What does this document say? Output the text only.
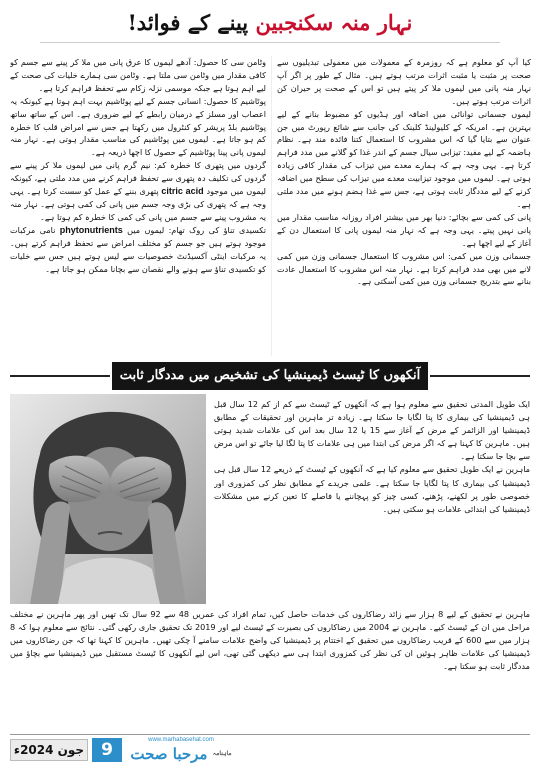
نہار منہ سکنجبین پینے کے فوائد!

کیا آپ کو معلوم ہے کہ روزمرہ کے معمولات میں معمولی تبدیلیوں سے صحت پر مثبت یا مثبت اثرات مرتب ہوتے ہیں۔ مثال کے طور پر اگر آپ نہار منہ پانی میں لیموں ملا کر پیتے ہیں تو اس کے صحت پر حیران کن اثرات مرتب ہوتے ہیں۔

لیموں جسمانی توانائی میں اضافہ اور ہڈیوں کو مضبوط بنانے کے لیے بہترین ہے۔ امریکہ کے کلیولینڈ کلینک کی جانب سے شائع رپورٹ میں جن عنوان سے بتایا گیا کہ اس مشروب کا استعمال کتنا فائدہ مند ہے۔ نظام ہاضمہ کے لیے مفید: تیزابی سیال جسم کے اندر غذا کو گلانے میں مدد فراہم کرتا ہے۔ یہی وجہ ہے کہ ہمارے معدے میں تیزاب کی مقدار کافی زیادہ ہوتی ہے۔ لیموں میں موجود تیزابیت معدے میں تیزاب کی سطح میں اضافہ کرنے کے لیے مددگار ثابت ہوتی ہے، جس سے غذا ہضم ہونے میں مدد ملتی ہے۔

پانی کی کمی سے بچائے: دنیا بھر میں بیشتر افراد روزانہ مناسب مقدار میں پانی نہیں پیتے۔ یہی وجہ ہے کہ نہار منہ لیموں پانی کا استعمال دن کے آغاز کے لیے اچھا ہے۔

جسمانی وزن میں کمی: اس مشروب کا استعمال جسمانی وزن میں کمی لانے میں بھی مدد فراہم کرتا ہے۔ نہار منہ اس مشروب کا استعمال عادت بنانے سے بتدریج جسمانی وزن میں کمی آسکتی ہے۔

وٹامن سی کا حصول: آدھے لیموں کا عرق پانی میں ملا کر پینے سے جسم کو کافی مقدار میں وٹامن سی ملتا ہے۔ وٹامن سی ہمارے خلیات کی صحت کے لیے اہم ہوتا ہے جبکہ موسمی نزلہ زکام سے تحفظ فراہم کرتا ہے۔

پوٹاشیم کا حصول: انسانی جسم کے لیے پوٹاشیم بہت اہم ہوتا ہے کیونکہ یہ اعصاب اور مسلز کے درمیان رابطے کے لیے ضروری ہے۔ اس کے ساتھ ساتھ پوٹاشیم بلڈ پریشر کو کنٹرول میں رکھتا ہے جس سے امراض قلب کا خطرہ کم ہو جاتا ہے۔ لیموں میں پوٹاشیم کی مناسب مقدار ہوتی ہے۔ نہار منہ لیموں پانی پینا پوٹاشیم کے حصول کا اچھا ذریعہ ہے۔

گردوں میں پتھری کا خطرہ کم: نیم گرم پانی میں لیموں ملا کر پینے سے گردوں کی تکلیف دہ پتھری سے تحفظ فراہم کرنے میں مدد ملتی ہے، کیونکہ لیموں میں موجود citric acid پتھری بننے کے عمل کو سست کرتا ہے۔ یہی وجہ ہے کہ پتھری کی بڑی وجہ جسم میں پانی کی کمی ہوتی ہے۔ نہار منہ یہ مشروب پینے سے جسم میں پانی کی کمی کا خطرہ کم ہوتا ہے۔

تکسیدی تناؤ کی روک تھام: لیموں میں phytonutrients نامی مرکبات موجود ہوتے ہیں جو جسم کو مختلف امراض سے تحفظ فراہم کرتے ہیں۔ یہ مرکبات اینٹی آکسیڈنٹ خصوصیات سے لیس ہوتے ہیں جس سے خلیات کو تکسیدی تناؤ سے ہونے والے نقصان سے بچانا ممکن ہو جاتا ہے۔

آنکھوں کا ٹیسٹ ڈیمینشیا کی تشخیص میں مددگار ثابت

ایک طویل المدتی تحقیق سے معلوم ہوا ہے کہ آنکھوں کے ٹیسٹ سے کم از کم 12 سال قبل ہی ڈیمینشیا کی بیماری کا پتا لگایا جا سکتا ہے۔ زیادہ تر ماہرین اور تحقیقات کے مطابق ڈیمینشیا اور الزائمر کے مرض کے آغاز سے 15 یا 12 سال بعد اس کی علامات شدید ہوتی ہیں۔ ماہرین کا کہنا ہے کہ اگر مرض کی ابتدا میں ہی علامات کا پتا لگا لیا جائے تو اس مرض سے بچا جا سکتا ہے۔

ماہرین نے ایک طویل تحقیق سے معلوم کیا ہے کہ آنکھوں کے ٹیسٹ کے ذریعے 12 سال قبل ہی ڈیمینشیا کی بیماری کا پتا لگایا جا سکتا ہے۔ علمی جریدے کے مطابق نظر کی کمزوری اور خصوصی طور پر لکھنے، پڑھنے، کسی چیز کو پہچاننے یا فاصلے کا تعین کرنے میں مشکلات ڈیمینشیا کی ابتدائی علامات ہو سکتی ہیں۔

ماہرین نے تحقیق کے لیے 8 ہزار سے زائد رضاکاروں کی خدمات حاصل کیں، تمام افراد کی عمریں 48 سے 92 سال تک تھیں اور پھر ماہرین نے مختلف مراحل میں ان کے ٹیسٹ کیے۔ ماہرین نے 2004 میں رضاکاروں کی بصیرت کے ٹیسٹ لیے اور 2019 تک تحقیق جاری رکھی گئی۔ نتائج سے معلوم ہوا کہ 8 ہزار میں سے 600 کے قریب رضاکاروں میں تحقیق کے اختتام پر ڈیمینشیا کی واضح علامات سامنے آ چکی تھیں۔ ماہرین کا کہنا تھا کہ جن رضاکاروں میں ڈیمینشیا کی علامات ظاہر ہوئیں ان کی نظر کی کمزوری ابتدا ہی سے دیکھی گئی تھی، اس لیے آنکھوں کا ٹیسٹ مستقبل میں ڈیمینشیا سے بچاؤ میں مددگار ثابت ہو سکتا ہے۔

جون 2024ء	9	www.marhabasehat.com
$^{ماہنامہ}$ مرحبا صحت
